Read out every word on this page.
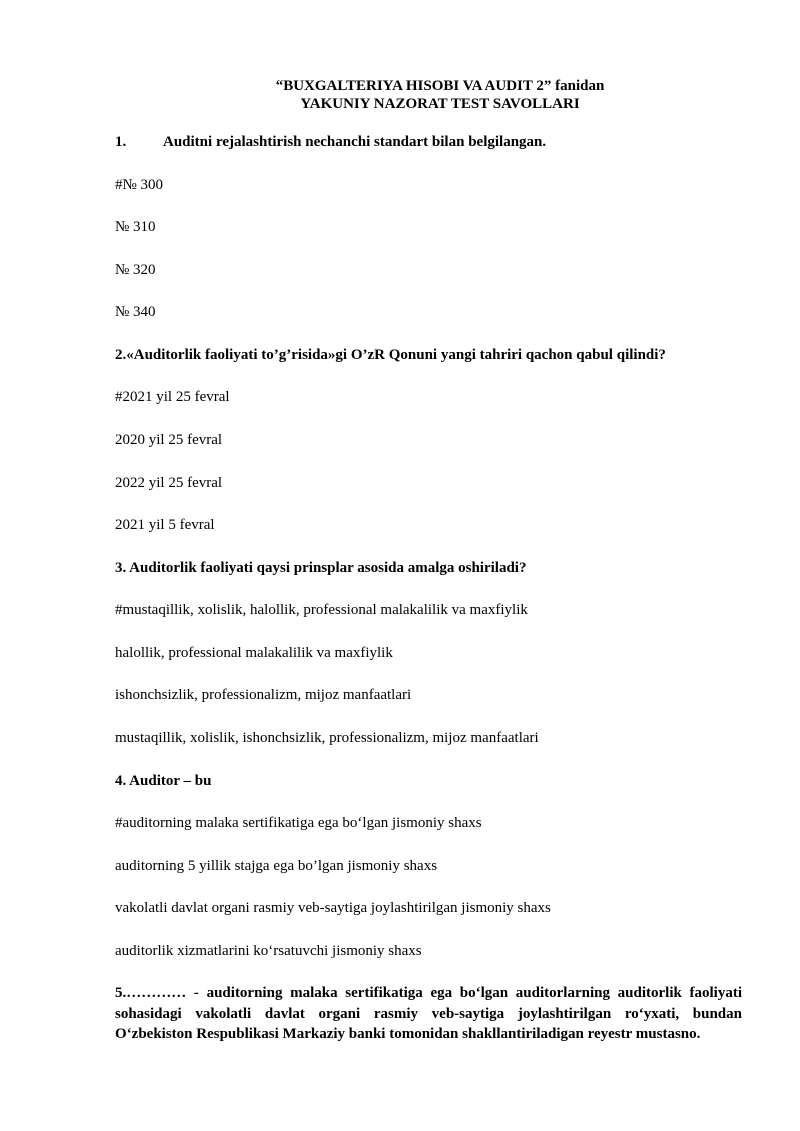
“BUXGALTERIYA HISOBI VA AUDIT 2” fanidan
YAKUNIY NAZORAT TEST SAVOLLARI
1. Auditni rejalashtirish nechanchi standart bilan belgilangan.
#№ 300
№ 310
№ 320
№ 340
2.«Auditorlik faoliyati to’g’risida»gi O’zR Qonuni yangi tahriri qachon qabul qilindi?
#2021 yil 25 fevral
2020 yil 25 fevral
2022 yil 25 fevral
2021 yil 5 fevral
3. Auditorlik faoliyati qaysi prinsplar asosida amalga oshiriladi?
#mustaqillik, xolislik, halollik, professional malakalilik va maxfiylik
halollik, professional malakalilik va maxfiylik
ishonchsizlik, professionalizm, mijoz manfaatlari
mustaqillik, xolislik, ishonchsizlik, professionalizm, mijoz manfaatlari
4. Auditor – bu
#auditorning malaka sertifikatiga ega bo‘lgan jismoniy shaxs
auditorning 5 yillik stajga ega bo’lgan jismoniy shaxs
vakolatli davlat organi rasmiy veb-saytiga joylashtirilgan jismoniy shaxs
auditorlik xizmatlarini ko‘rsatuvchi jismoniy shaxs
5.………… - auditorning malaka sertifikatiga ega bo‘lgan auditorlarning auditorlik faoliyati sohasidagi vakolatli davlat organi rasmiy veb-saytiga joylashtirilgan ro‘yxati, bundan O‘zbekiston Respublikasi Markaziy banki tomonidan shakllantiriladigan reyestr mustasno.
